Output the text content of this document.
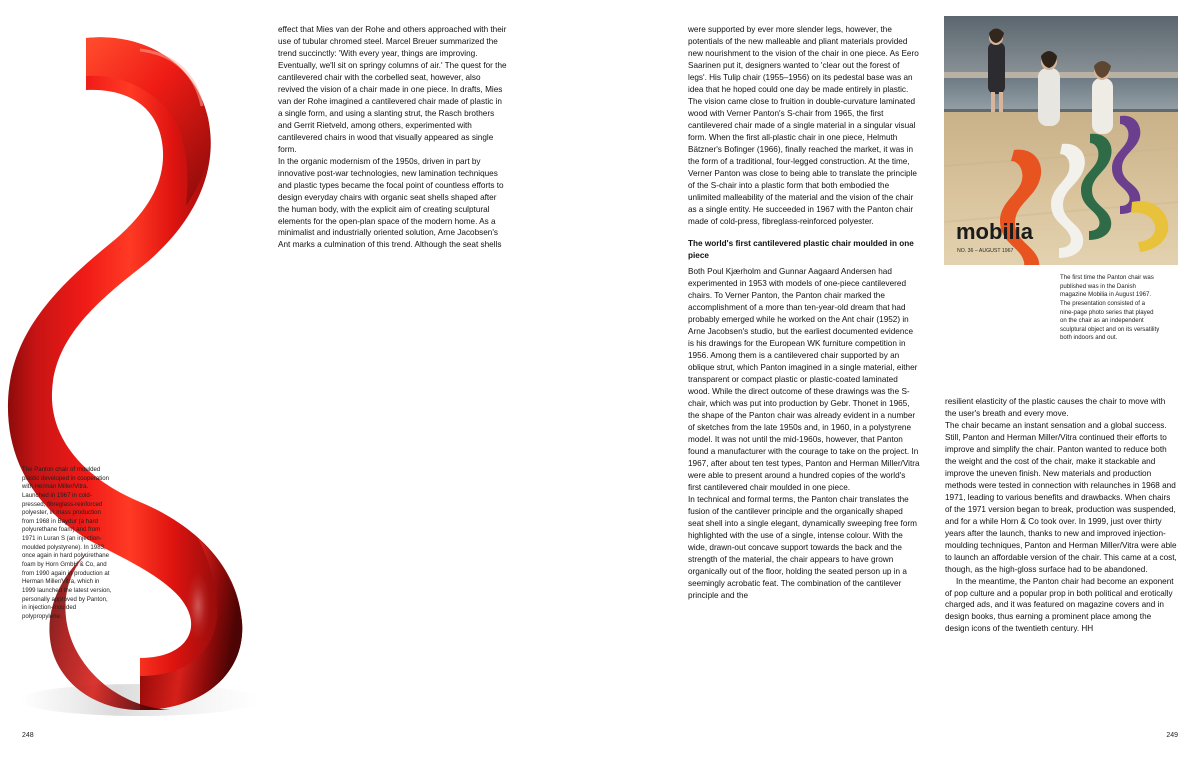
The Panton chair of moulded plastic developed in cooperation with Herman Miller/Vitra. Launched in 1967 in cold-pressed, fibreglass-reinforced polyester, in mass production from 1968 in Baydur (a hard polyurethane foam) and from 1971 in Luran S (an injection-moulded polystyrene). In 1983, once again in hard polyurethane foam by Horn GmbH & Co, and from 1990 again in production at Herman Miller/Vitra, which in 1999 launched the latest version, personally approved by Panton, in injection-moulded polypropylene.

effect that Mies van der Rohe and others approached with their use of tubular chromed steel. Marcel Breuer summarized the trend succinctly: 'With every year, things are improving. Eventually, we'll sit on springy columns of air.' The quest for the cantilevered chair with the corbelled seat, however, also revived the vision of a chair made in one piece. In drafts, Mies van der Rohe imagined a cantilevered chair made of plastic in a single form, and using a slanting strut, the Rasch brothers and Gerrit Rietveld, among others, experimented with cantilevered chairs in wood that visually appeared as single form.

In the organic modernism of the 1950s, driven in part by innovative post-war technologies, new lamination techniques and plastic types became the focal point of countless efforts to design everyday chairs with organic seat shells shaped after the human body, with the explicit aim of creating sculptural elements for the open-plan space of the modern home. As a minimalist and industrially oriented solution, Arne Jacobsen's Ant marks a culmination of this trend. Although the seat shells

were supported by ever more slender legs, however, the potentials of the new malleable and pliant materials provided new nourishment to the vision of the chair in one piece. As Eero Saarinen put it, designers wanted to 'clear out the forest of legs'. His Tulip chair (1955–1956) on its pedestal base was an idea that he hoped could one day be made entirely in plastic. The vision came close to fruition in double-curvature laminated wood with Verner Panton's S-chair from 1965, the first cantilevered chair made of a single material in a singular visual form. When the first all-plastic chair in one piece, Helmuth Bätzner's Bofinger (1966), finally reached the market, it was in the form of a traditional, four-legged construction. At the time, Verner Panton was close to being able to translate the principle of the S-chair into a plastic form that both embodied the unlimited malleability of the material and the vision of the chair as a single entity. He succeeded in 1967 with the Panton chair made of cold-press, fibreglass-reinforced polyester.

The world's first cantilevered plastic chair moulded in one piece

Both Poul Kjærholm and Gunnar Aagaard Andersen had experimented in 1953 with models of one-piece cantilevered chairs. To Verner Panton, the Panton chair marked the accomplishment of a more than ten-year-old dream that had probably emerged while he worked on the Ant chair (1952) in Arne Jacobsen's studio, but the earliest documented evidence is his drawings for the European WK furniture competition in 1956. Among them is a cantilevered chair supported by an oblique strut, which Panton imagined in a single material, either transparent or compact plastic or plastic-coated laminated wood. While the direct outcome of these drawings was the S-chair, which was put into production by Gebr. Thonet in 1965, the shape of the Panton chair was already evident in a number of sketches from the late 1950s and, in 1960, in a polystyrene model. It was not until the mid-1960s, however, that Panton found a manufacturer with the courage to take on the project. In 1967, after about ten test types, Panton and Herman Miller/Vitra were able to present around a hundred copies of the world's first cantilevered chair moulded in one piece.

In technical and formal terms, the Panton chair translates the fusion of the cantilever principle and the organically shaped seat shell into a single elegant, dynamically sweeping free form highlighted with the use of a single, intense colour. With the wide, drawn-out concave support towards the back and the strength of the material, the chair appears to have grown organically out of the floor, holding the seated person up in a seemingly acrobatic feat. The combination of the cantilever principle and the

resilient elasticity of the plastic causes the chair to move with the user's breath and every move.

The chair became an instant sensation and a global success. Still, Panton and Herman Miller/Vitra continued their efforts to improve and simplify the chair. Panton wanted to reduce both the weight and the cost of the chair, make it stackable and improve the uneven finish. New materials and production methods were tested in connection with relaunches in 1968 and 1971, leading to various benefits and drawbacks. When chairs of the 1971 version began to break, production was suspended, and for a while Horn & Co took over. In 1999, just over thirty years after the launch, thanks to new and improved injection-moulding techniques, Panton and Herman Miller/Vitra were able to launch an affordable version of the chair. This came at a cost, though, as the high-gloss surface had to be abandoned.

In the meantime, the Panton chair had become an exponent of pop culture and a popular prop in both political and erotically charged ads, and it was featured on magazine covers and in design books, thus earning a prominent place among the design icons of the twentieth century. HH

mobilia
NO. 36 – AUGUST 1967
The first time the Panton chair was published was in the Danish magazine Mobilia in August 1967. The presentation consisted of a nine-page photo series that played on the chair as an independent sculptural object and on its versatility both indoors and out.
248	249
